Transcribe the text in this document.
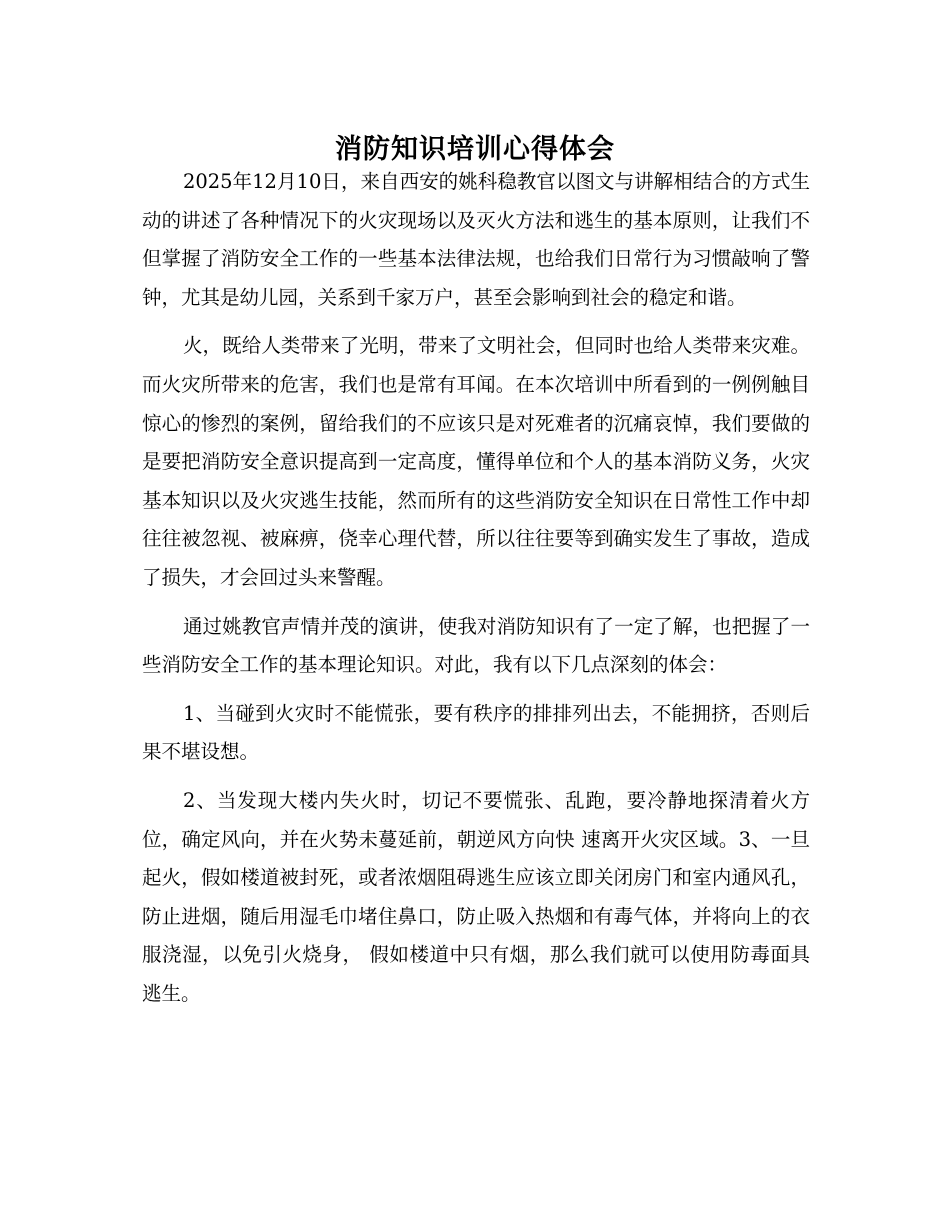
消防知识培训心得体会

2025年12月10日，来自西安的姚科稳教官以图文与讲解相结合的方式生动的讲述了各种情况下的火灾现场以及灭火方法和逃生的基本原则，让我们不但掌握了消防安全工作的一些基本法律法规，也给我们日常行为习惯敲响了警钟，尤其是幼儿园，关系到千家万户，甚至会影响到社会的稳定和谐。

火，既给人类带来了光明，带来了文明社会，但同时也给人类带来灾难。而火灾所带来的危害，我们也是常有耳闻。在本次培训中所看到的一例例触目惊心的惨烈的案例，留给我们的不应该只是对死难者的沉痛哀悼，我们要做的是要把消防安全意识提高到一定高度，懂得单位和个人的基本消防义务，火灾基本知识以及火灾逃生技能，然而所有的这些消防安全知识在日常性工作中却往往被忽视、被麻痹，侥幸心理代替，所以往往要等到确实发生了事故，造成了损失，才会回过头来警醒。

通过姚教官声情并茂的演讲，使我对消防知识有了一定了解，也把握了一些消防安全工作的基本理论知识。对此，我有以下几点深刻的体会：

1、当碰到火灾时不能慌张，要有秩序的排排列出去，不能拥挤，否则后果不堪设想。

2、当发现大楼内失火时，切记不要慌张、乱跑，要冷静地探清着火方位，确定风向，并在火势未蔓延前，朝逆风方向快 速离开火灾区域。3、一旦起火，假如楼道被封死，或者浓烟阻碍逃生应该立即关闭房门和室内通风孔，防止进烟，随后用湿毛巾堵住鼻口，防止吸入热烟和有毒气体，并将向上的衣服浇湿，以免引火烧身， 假如楼道中只有烟，那么我们就可以使用防毒面具逃生。
